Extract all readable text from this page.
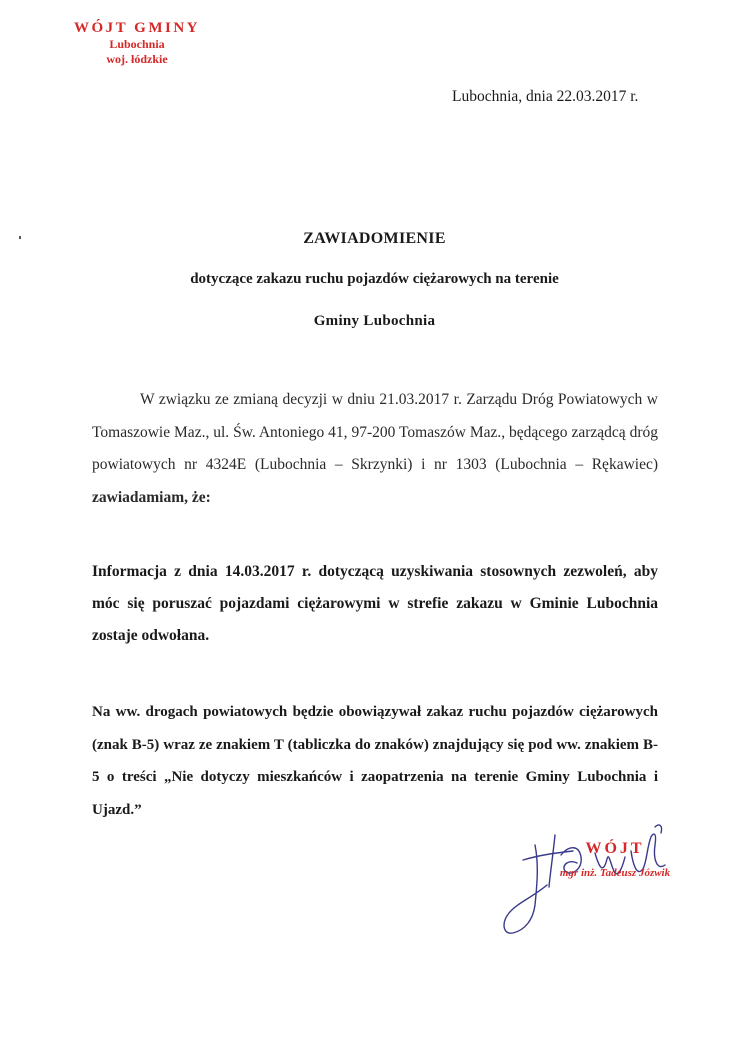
WÓJT GMINY
Lubochnia
woj. łódzkie
Lubochnia, dnia 22.03.2017 r.
ZAWIADOMIENIE
dotyczące zakazu ruchu pojazdów ciężarowych na terenie
Gminy Lubochnia
W związku ze zmianą decyzji w dniu 21.03.2017 r. Zarządu Dróg Powiatowych w Tomaszowie Maz., ul. Św. Antoniego 41, 97-200 Tomaszów Maz., będącego zarządcą dróg powiatowych nr 4324E (Lubochnia – Skrzynki) i nr 1303 (Lubochnia – Rękawiec) zawiadamiam, że:
Informacja z dnia 14.03.2017 r. dotyczącą uzyskiwania stosownych zezwoleń, aby móc się poruszać pojazdami ciężarowymi w strefie zakazu w Gminie Lubochnia zostaje odwołana.
Na ww. drogach powiatowych będzie obowiązywał zakaz ruchu pojazdów ciężarowych (znak B-5) wraz ze znakiem T (tabliczka do znaków) znajdujący się pod ww. znakiem B-5 o treści „Nie dotyczy mieszkańców i zaopatrzenia na terenie Gminy Lubochnia i Ujazd.”
WÓJT
mgr inż. Tadeusz Józwik
